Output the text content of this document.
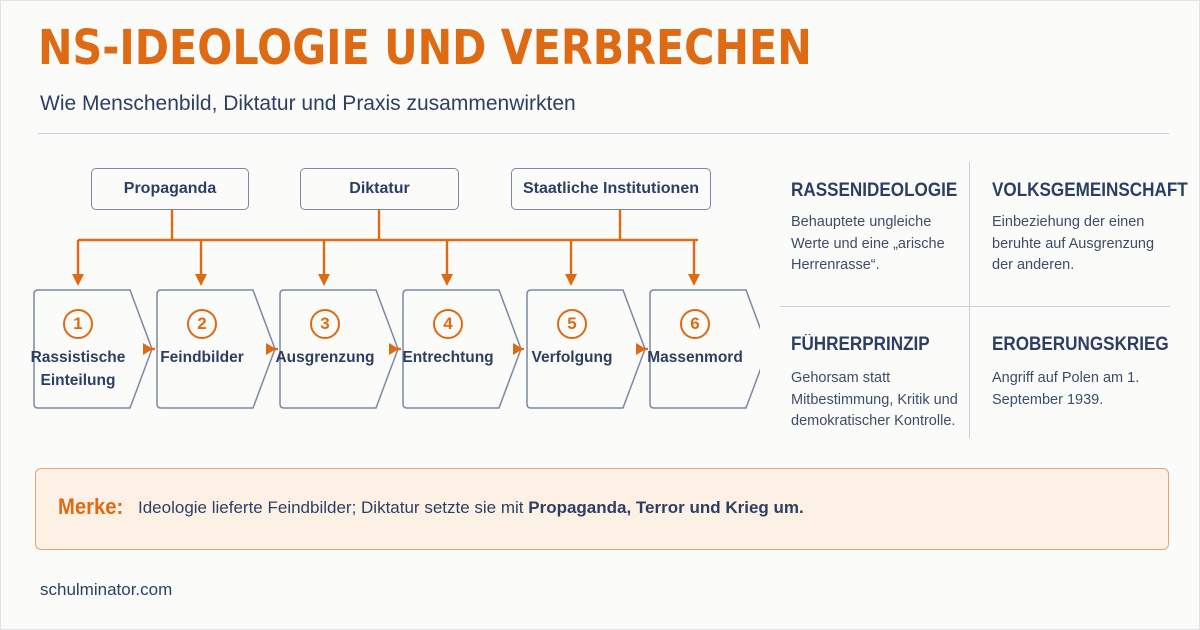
NS-IDEOLOGIE UND VERBRECHEN
Wie Menschenbild, Diktatur und Praxis zusammenwirkten
Propaganda	Diktatur	Staatliche Institutionen
1	2	3	4	5	6
Rassistische Einteilung
Feindbilder	Ausgrenzung	Entrechtung	Verfolgung	Massenmord
RASSENIDEOLOGIE
Behauptete ungleiche Werte und eine „arische Herrenrasse“.
VOLKSGEMEINSCHAFT
Einbeziehung der einen beruhte auf Ausgrenzung der anderen.
FÜHRERPRINZIP
Gehorsam statt Mitbestimmung, Kritik und demokratischer Kontrolle.
EROBERUNGSKRIEG
Angriff auf Polen am 1. September 1939.
Merke: Ideologie lieferte Feindbilder; Diktatur setzte sie mit Propaganda, Terror und Krieg um.
schulminator.com
